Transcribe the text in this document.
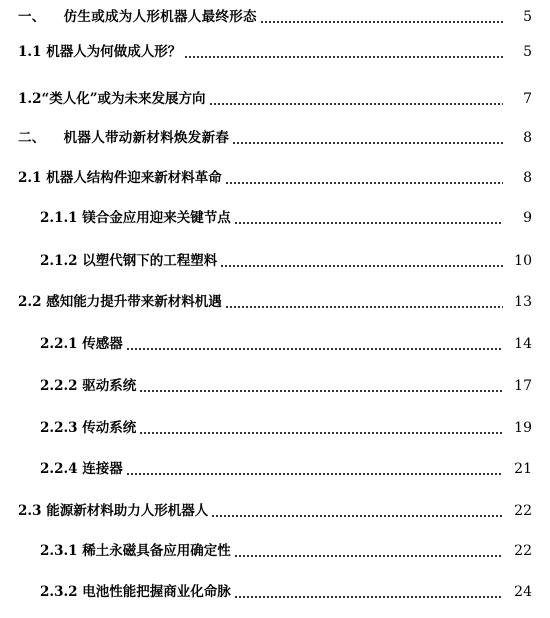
一、 仿生或成为人形机器人最终形态	5
1.1 机器人为何做成人形？	5
1.2“类人化”或为未来发展方向	7
二、 机器人带动新材料焕发新春	8
2.1 机器人结构件迎来新材料革命	8
2.1.1 镁合金应用迎来关键节点	9
2.1.2 以塑代钢下的工程塑料	10
2.2 感知能力提升带来新材料机遇	13
2.2.1 传感器	14
2.2.2 驱动系统	17
2.2.3 传动系统	19
2.2.4 连接器	21
2.3 能源新材料助力人形机器人	22
2.3.1 稀土永磁具备应用确定性	22
2.3.2 电池性能把握商业化命脉	24
